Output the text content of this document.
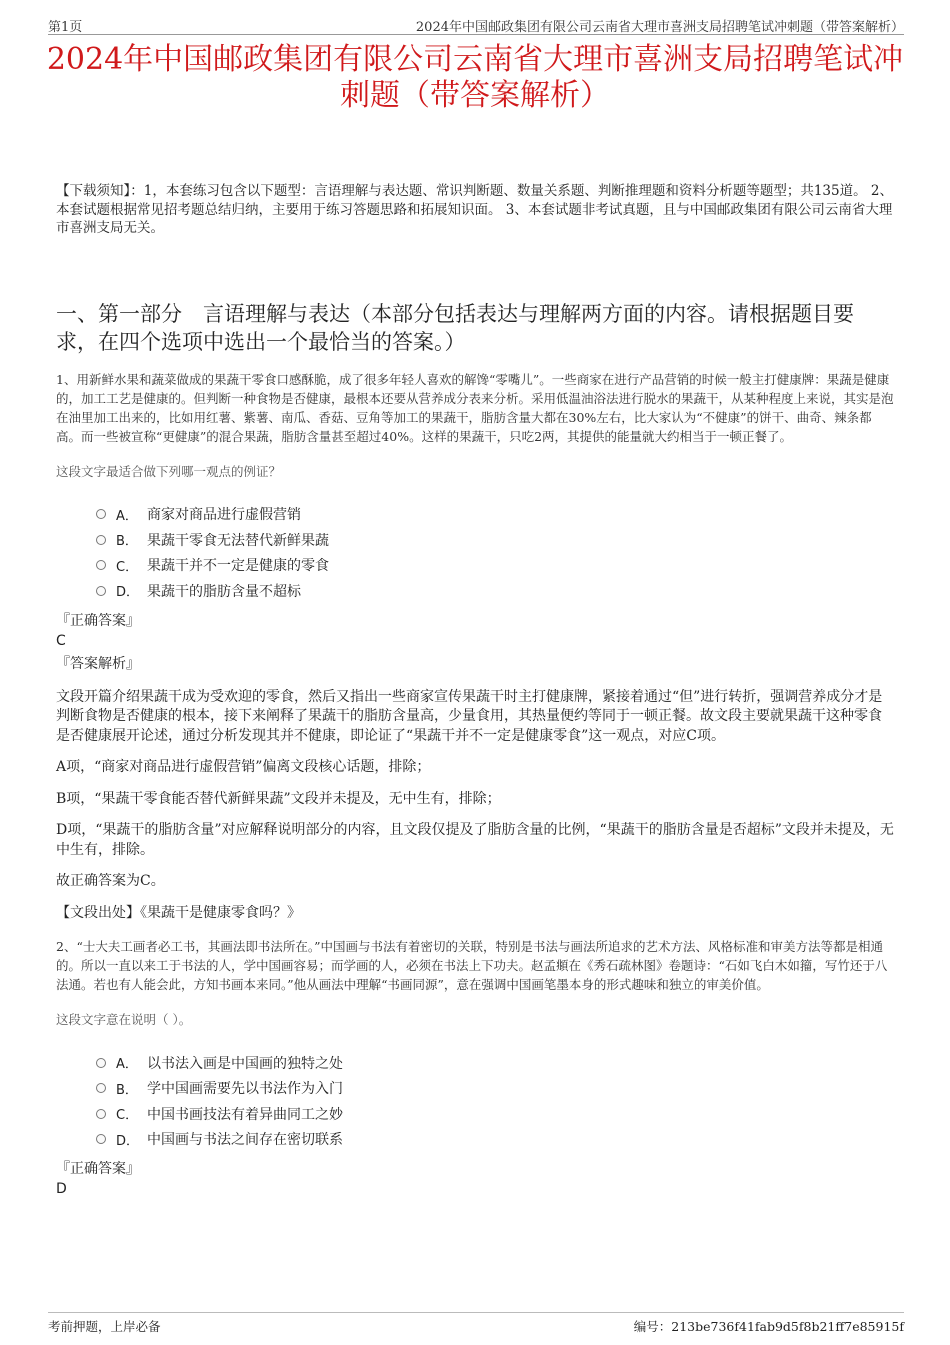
第1页	2024年中国邮政集团有限公司云南省大理市喜洲支局招聘笔试冲刺题（带答案解析）
2024年中国邮政集团有限公司云南省大理市喜洲支局招聘笔试冲刺题（带答案解析）

【下载须知】：1，本套练习包含以下题型：言语理解与表达题、常识判断题、数量关系题、判断推理题和资料分析题等题型；共135道。 2、本套试题根据常见招考题总结归纳，主要用于练习答题思路和拓展知识面。 3、本套试题非考试真题，且与中国邮政集团有限公司云南省大理市喜洲支局无关。

一、第一部分　言语理解与表达（本部分包括表达与理解两方面的内容。请根据题目要求，在四个选项中选出一个最恰当的答案。）

1、用新鲜水果和蔬菜做成的果蔬干零食口感酥脆，成了很多年轻人喜欢的解馋“零嘴儿”。一些商家在进行产品营销的时候一般主打健康牌：果蔬是健康的，加工工艺是健康的。但判断一种食物是否健康，最根本还要从营养成分表来分析。采用低温油浴法进行脱水的果蔬干，从某种程度上来说，其实是泡在油里加工出来的，比如用红薯、紫薯、南瓜、香菇、豆角等加工的果蔬干，脂肪含量大都在30%左右，比大家认为“不健康”的饼干、曲奇、辣条都高。而一些被宣称“更健康”的混合果蔬，脂肪含量甚至超过40%。这样的果蔬干，只吃2两，其提供的能量就大约相当于一顿正餐了。

这段文字最适合做下列哪一观点的例证？

A． 商家对商品进行虚假营销
B． 果蔬干零食无法替代新鲜果蔬
C． 果蔬干并不一定是健康的零食
D． 果蔬干的脂肪含量不超标

『正确答案』

C

『答案解析』

文段开篇介绍果蔬干成为受欢迎的零食，然后又指出一些商家宣传果蔬干时主打健康牌，紧接着通过“但”进行转折，强调营养成分才是判断食物是否健康的根本，接下来阐释了果蔬干的脂肪含量高，少量食用，其热量便约等同于一顿正餐。故文段主要就果蔬干这种零食是否健康展开论述，通过分析发现其并不健康，即论证了“果蔬干并不一定是健康零食”这一观点，对应C项。

A项，“商家对商品进行虚假营销”偏离文段核心话题，排除；

B项，“果蔬干零食能否替代新鲜果蔬”文段并未提及，无中生有，排除；

D项，“果蔬干的脂肪含量”对应解释说明部分的内容，且文段仅提及了脂肪含量的比例，“果蔬干的脂肪含量是否超标”文段并未提及，无中生有，排除。

故正确答案为C。

【文段出处】《果蔬干是健康零食吗？》

2、“士大夫工画者必工书，其画法即书法所在。”中国画与书法有着密切的关联，特别是书法与画法所追求的艺术方法、风格标准和审美方法等都是相通的。所以一直以来工于书法的人，学中国画容易；而学画的人，必须在书法上下功夫。赵孟頫在《秀石疏林图》卷题诗：“石如飞白木如籀，写竹还于八法通。若也有人能会此，方知书画本来同。”他从画法中理解“书画同源”，意在强调中国画笔墨本身的形式趣味和独立的审美价值。

这段文字意在说明（ ）。

A． 以书法入画是中国画的独特之处
B． 学中国画需要先以书法作为入门
C． 中国书画技法有着异曲同工之妙
D． 中国画与书法之间存在密切联系

『正确答案』

D

考前押题，上岸必备	编号：213be736f41fab9d5f8b21ff7e85915f
